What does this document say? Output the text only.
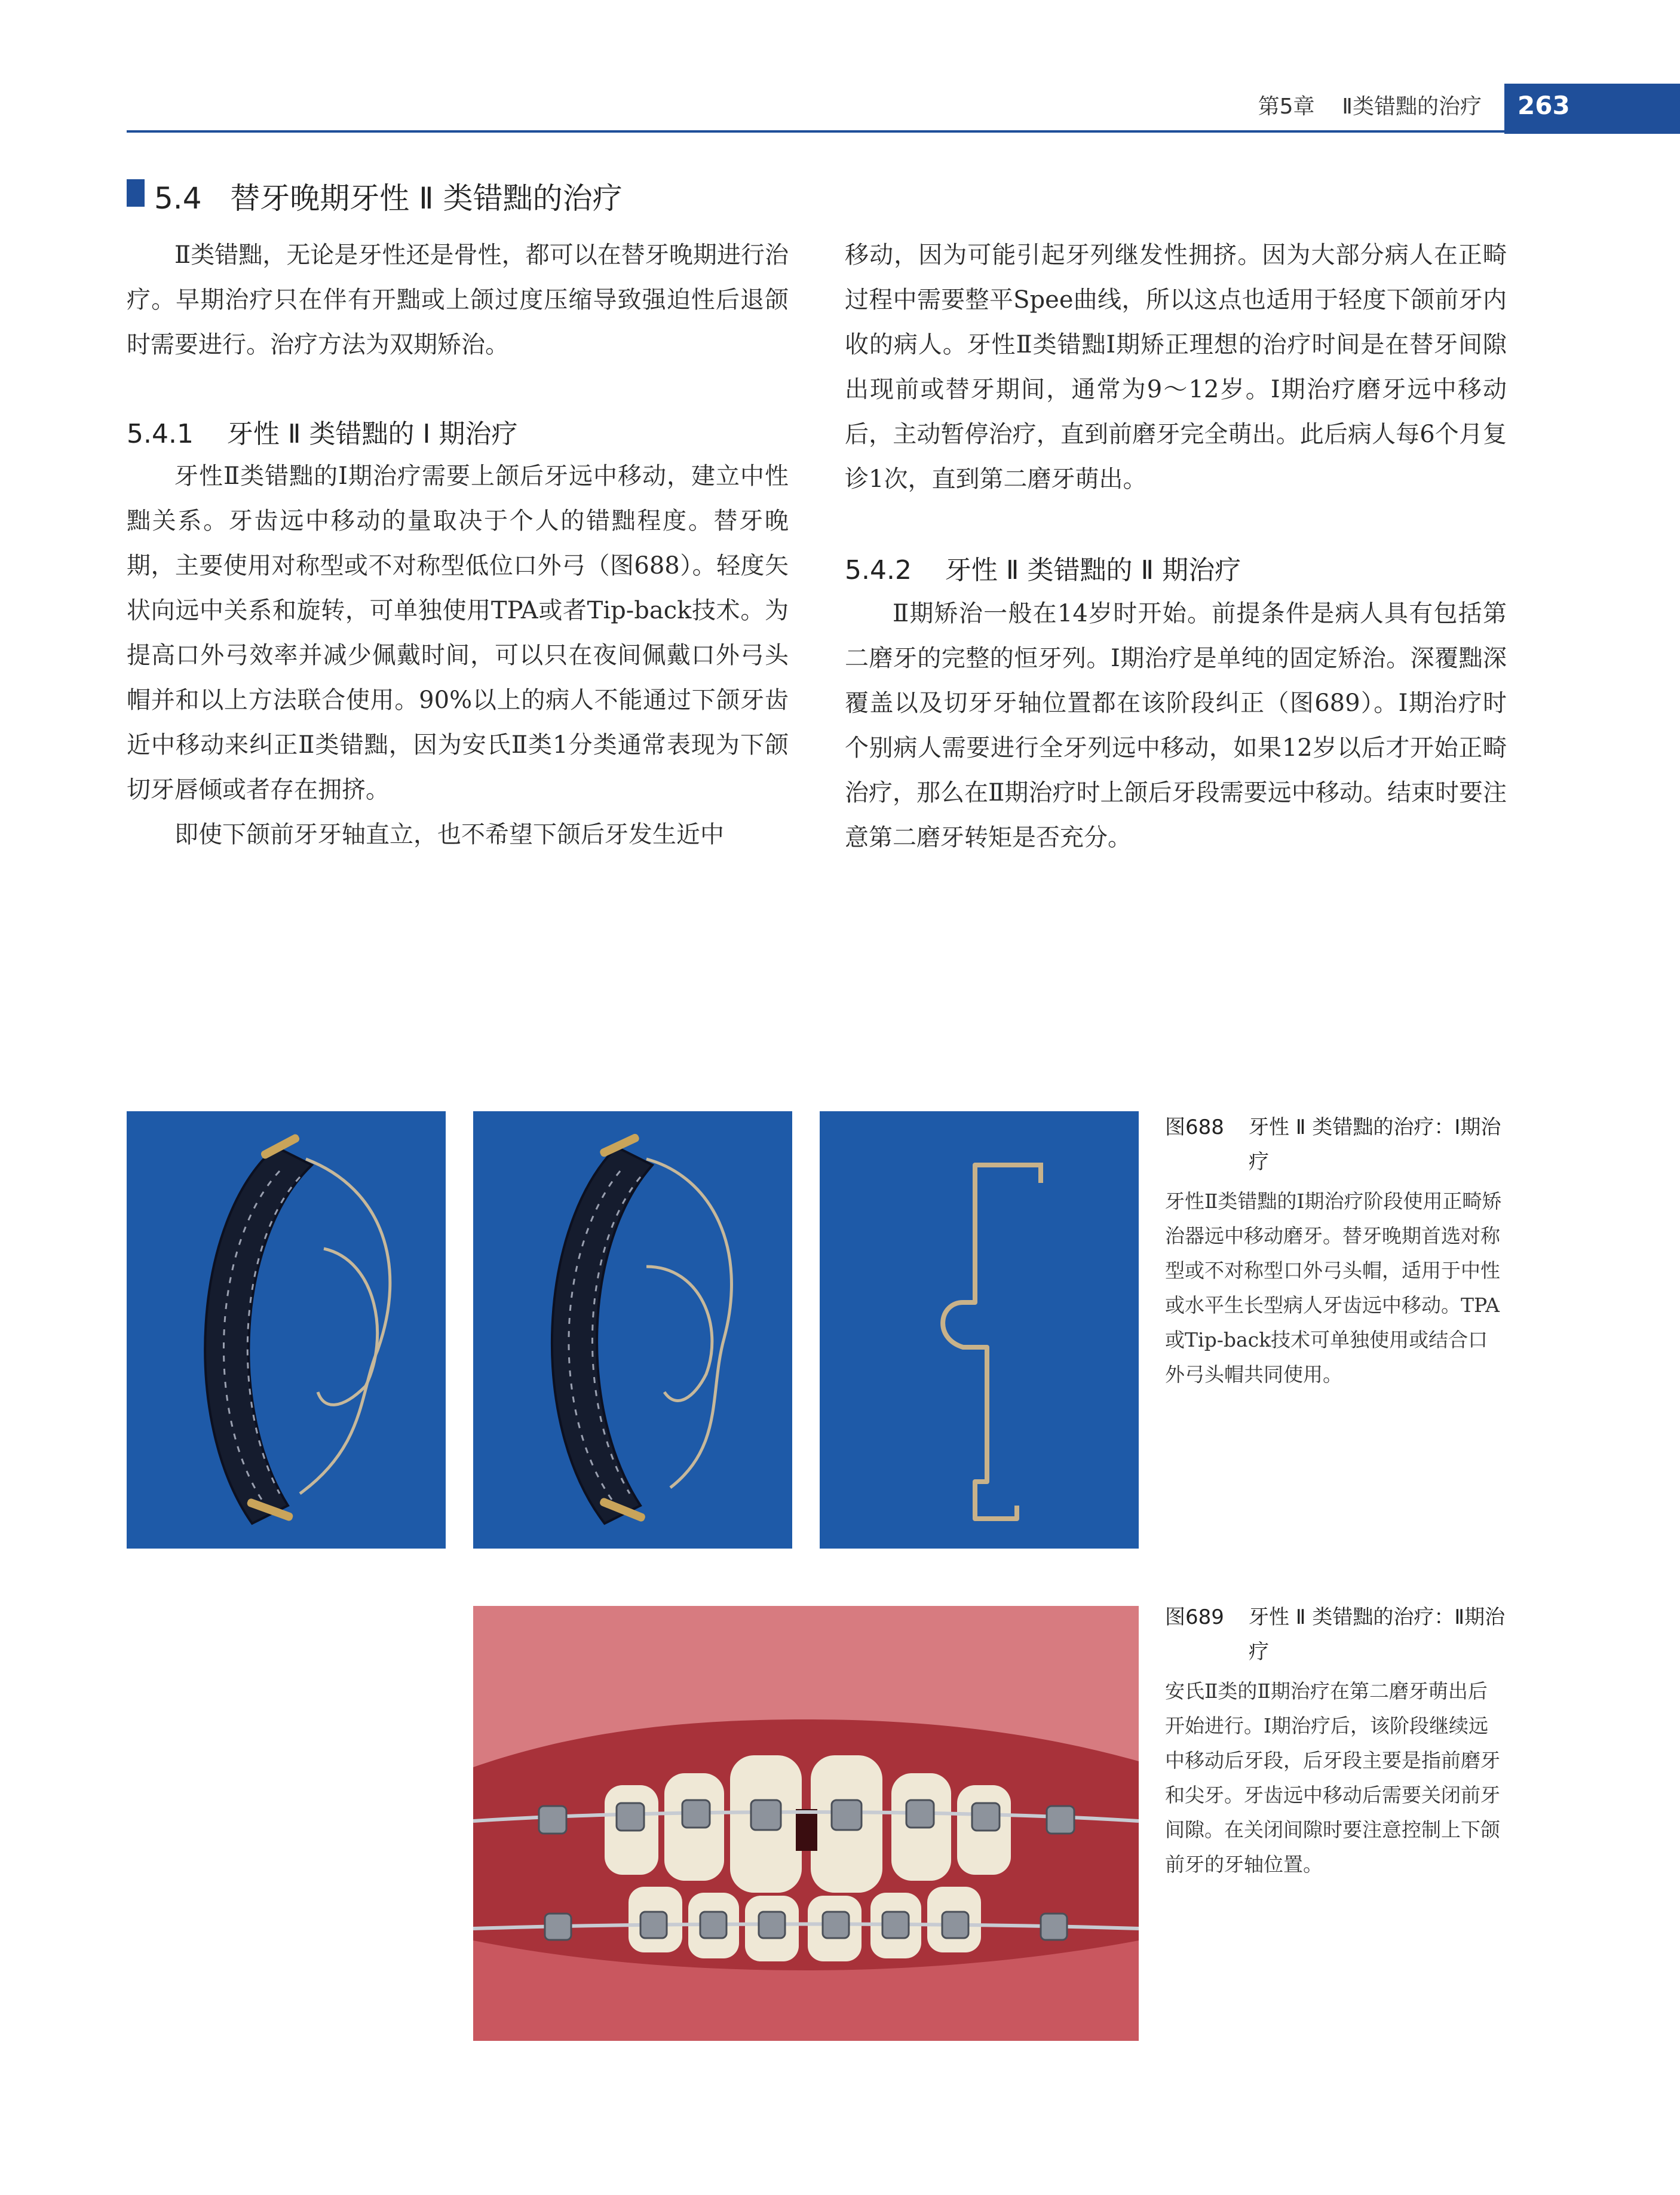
第5章 Ⅱ类错黜的治疗 263
5.4 替牙晚期牙性 Ⅱ 类错黜的治疗

Ⅱ类错黜，无论是牙性还是骨性，都可以在替牙晚期进行治疗。早期治疗只在伴有开黜或上颌过度压缩导致强迫性后退颌时需要进行。治疗方法为双期矫治。

5.4.1 牙性 Ⅱ 类错黜的 Ⅰ 期治疗

牙性Ⅱ类错黜的Ⅰ期治疗需要上颌后牙远中移动，建立中性黜关系。牙齿远中移动的量取决于个人的错黜程度。替牙晚期，主要使用对称型或不对称型低位口外弓（图688）。轻度矢状向远中关系和旋转，可单独使用TPA或者Tip-back技术。为提高口外弓效率并减少佩戴时间，可以只在夜间佩戴口外弓头帽并和以上方法联合使用。90%以上的病人不能通过下颌牙齿近中移动来纠正Ⅱ类错黜，因为安氏Ⅱ类1分类通常表现为下颌切牙唇倾或者存在拥挤。

即使下颌前牙牙轴直立，也不希望下颌后牙发生近中

移动，因为可能引起牙列继发性拥挤。因为大部分病人在正畸过程中需要整平Spee曲线，所以这点也适用于轻度下颌前牙内收的病人。牙性Ⅱ类错黜Ⅰ期矫正理想的治疗时间是在替牙间隙出现前或替牙期间，通常为9～12岁。Ⅰ期治疗磨牙远中移动后，主动暂停治疗，直到前磨牙完全萌出。此后病人每6个月复诊1次，直到第二磨牙萌出。

5.4.2 牙性 Ⅱ 类错黜的 Ⅱ 期治疗

Ⅱ期矫治一般在14岁时开始。前提条件是病人具有包括第二磨牙的完整的恒牙列。Ⅰ期治疗是单纯的固定矫治。深覆黜深覆盖以及切牙牙轴位置都在该阶段纠正（图689）。Ⅰ期治疗时个别病人需要进行全牙列远中移动，如果12岁以后才开始正畸治疗，那么在Ⅱ期治疗时上颌后牙段需要远中移动。结束时要注意第二磨牙转矩是否充分。

图688 牙性 Ⅱ 类错黜的治疗：Ⅰ期治疗
牙性Ⅱ类错黜的Ⅰ期治疗阶段使用正畸矫治器远中移动磨牙。替牙晚期首选对称型或不对称型口外弓头帽，适用于中性或水平生长型病人牙齿远中移动。TPA或Tip-back技术可单独使用或结合口外弓头帽共同使用。
图689 牙性 Ⅱ 类错黜的治疗：Ⅱ期治疗
安氏Ⅱ类的Ⅱ期治疗在第二磨牙萌出后开始进行。Ⅰ期治疗后，该阶段继续远中移动后牙段，后牙段主要是指前磨牙和尖牙。牙齿远中移动后需要关闭前牙间隙。在关闭间隙时要注意控制上下颌前牙的牙轴位置。
